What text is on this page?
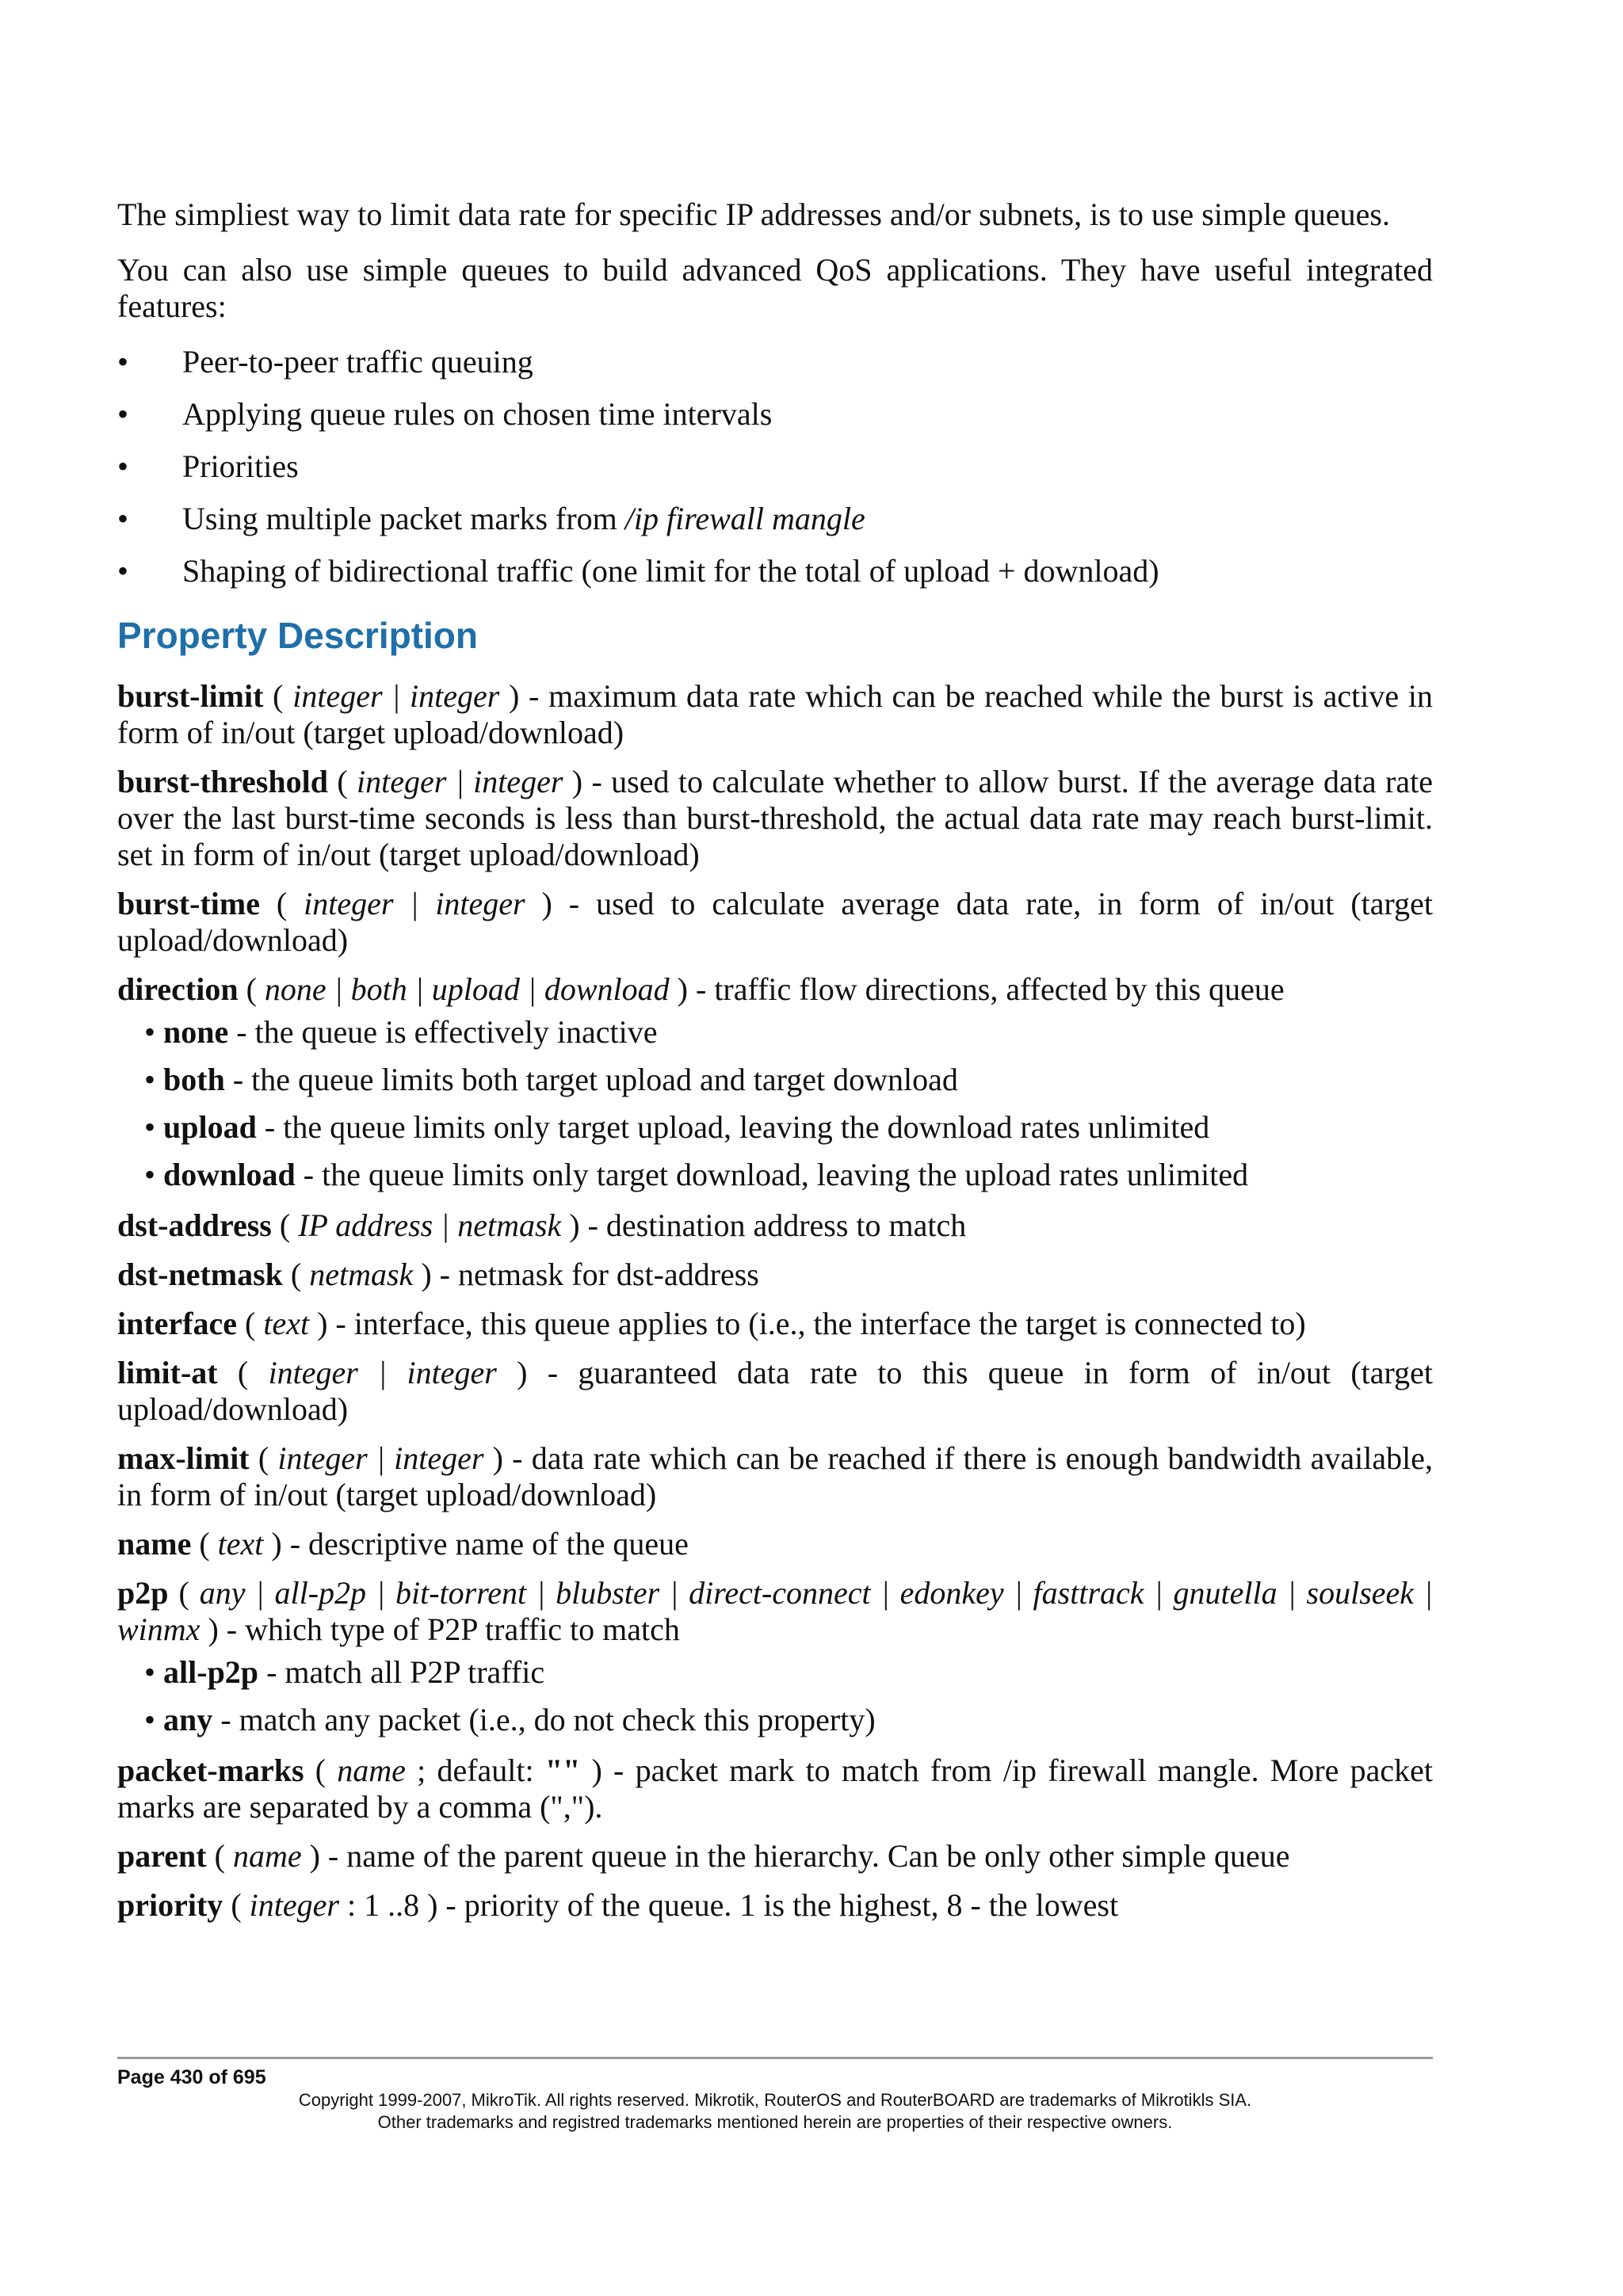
The simpliest way to limit data rate for specific IP addresses and/or subnets, is to use simple queues.

You can also use simple queues to build advanced QoS applications. They have useful integrated features:

• Peer-to-peer traffic queuing
• Applying queue rules on chosen time intervals
• Priorities
• Using multiple packet marks from /ip firewall mangle
• Shaping of bidirectional traffic (one limit for the total of upload + download)
Property Description
burst-limit ( integer | integer ) - maximum data rate which can be reached while the burst is active in form of in/out (target upload/download)
burst-threshold ( integer | integer ) - used to calculate whether to allow burst. If the average data rate over the last burst-time seconds is less than burst-threshold, the actual data rate may reach burst-limit. set in form of in/out (target upload/download)
burst-time ( integer | integer ) - used to calculate average data rate, in form of in/out (target upload/download)
direction ( none | both | upload | download ) - traffic flow directions, affected by this queue
• none - the queue is effectively inactive
• both - the queue limits both target upload and target download
• upload - the queue limits only target upload, leaving the download rates unlimited
• download - the queue limits only target download, leaving the upload rates unlimited
dst-address ( IP address | netmask ) - destination address to match
dst-netmask ( netmask ) - netmask for dst-address
interface ( text ) - interface, this queue applies to (i.e., the interface the target is connected to)
limit-at ( integer | integer ) - guaranteed data rate to this queue in form of in/out (target upload/download)
max-limit ( integer | integer ) - data rate which can be reached if there is enough bandwidth available, in form of in/out (target upload/download)
name ( text ) - descriptive name of the queue
p2p ( any | all-p2p | bit-torrent | blubster | direct-connect | edonkey | fasttrack | gnutella | soulseek | winmx ) - which type of P2P traffic to match
• all-p2p - match all P2P traffic
• any - match any packet (i.e., do not check this property)
packet-marks ( name ; default: "" ) - packet mark to match from /ip firewall mangle. More packet marks are separated by a comma (",").
parent ( name ) - name of the parent queue in the hierarchy. Can be only other simple queue
priority ( integer : 1 ..8 ) - priority of the queue. 1 is the highest, 8 - the lowest
Page 430 of 695
Copyright 1999-2007, MikroTik. All rights reserved. Mikrotik, RouterOS and RouterBOARD are trademarks of Mikrotikls SIA.
Other trademarks and registred trademarks mentioned herein are properties of their respective owners.
